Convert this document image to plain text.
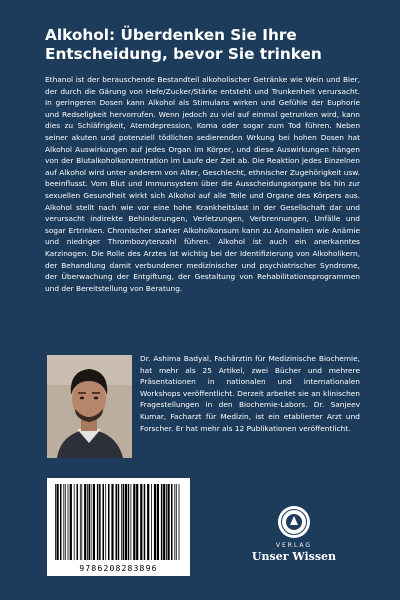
Alkohol: Überdenken Sie Ihre Entscheidung, bevor Sie trinken

Ethanol ist der berauschende Bestandteil alkoholischer Getränke wie Wein und Bier, der durch die Gärung von Hefe/Zucker/Stärke entsteht und Trunkenheit verursacht. In geringeren Dosen kann Alkohol als Stimulans wirken und Gefühle der Euphorie und Redseligkeit hervorrufen. Wenn jedoch zu viel auf einmal getrunken wird, kann dies zu Schläfrigkeit, Atemdepression, Koma oder sogar zum Tod führen. Neben seiner akuten und potenziell tödlichen sedierenden Wrkung bei hohen Dosen hat Alkohol Auswirkungen auf jedes Organ im Körper, und diese Auswirkungen hängen von der Blutalkoholkonzentration im Laufe der Zeit ab. Die Reaktion jedes Einzelnen auf Alkohol wird unter anderem von Alter, Geschlecht, ethnischer Zugehörigkeit usw. beeinflusst. Vom Blut und Immunsystem über die Ausscheidungsorgane bis hin zur sexuellen Gesundheit wirkt sich Alkohol auf alle Teile und Organe des Körpers aus. Alkohol stellt nach wie vor eine hohe Krankheitslast in der Gesellschaft dar und verursacht indirekte Behinderungen, Verletzungen, Verbrennungen, Unfälle und sogar Ertrinken. Chronischer starker Alkoholkonsum kann zu Anomalien wie Anämie und niedriger Thrombozytenzahl führen. Alkohol ist auch ein anerkanntes Karzinogen. Die Rolle des Arztes ist wichtig bei der Identifizierung von Alkoholikern, der Behandlung damit verbundener medizinischer und psychiatrischer Syndrome, der Überwachung der Entgiftung, der Gestaltung von Rehabilitationsprogrammen und der Bereitstellung von Beratung.

Dr. Ashima Badyal, Fachärztin für Medizinische Biochemie, hat mehr als 25 Artikel, zwei Bücher und mehrere Präsentationen in nationalen und internationalen Workshops veröffentlicht. Derzeit arbeitet sie an klinischen Fragestellungen in den Biochemie-Labors. Dr. Sanjeev Kumar, Facharzt für Medizin, ist ein etablierter Arzt und Forscher. Er hat mehr als 12 Publikationen veröffentlicht.

9786208283896
VERLAG
Unser Wissen
